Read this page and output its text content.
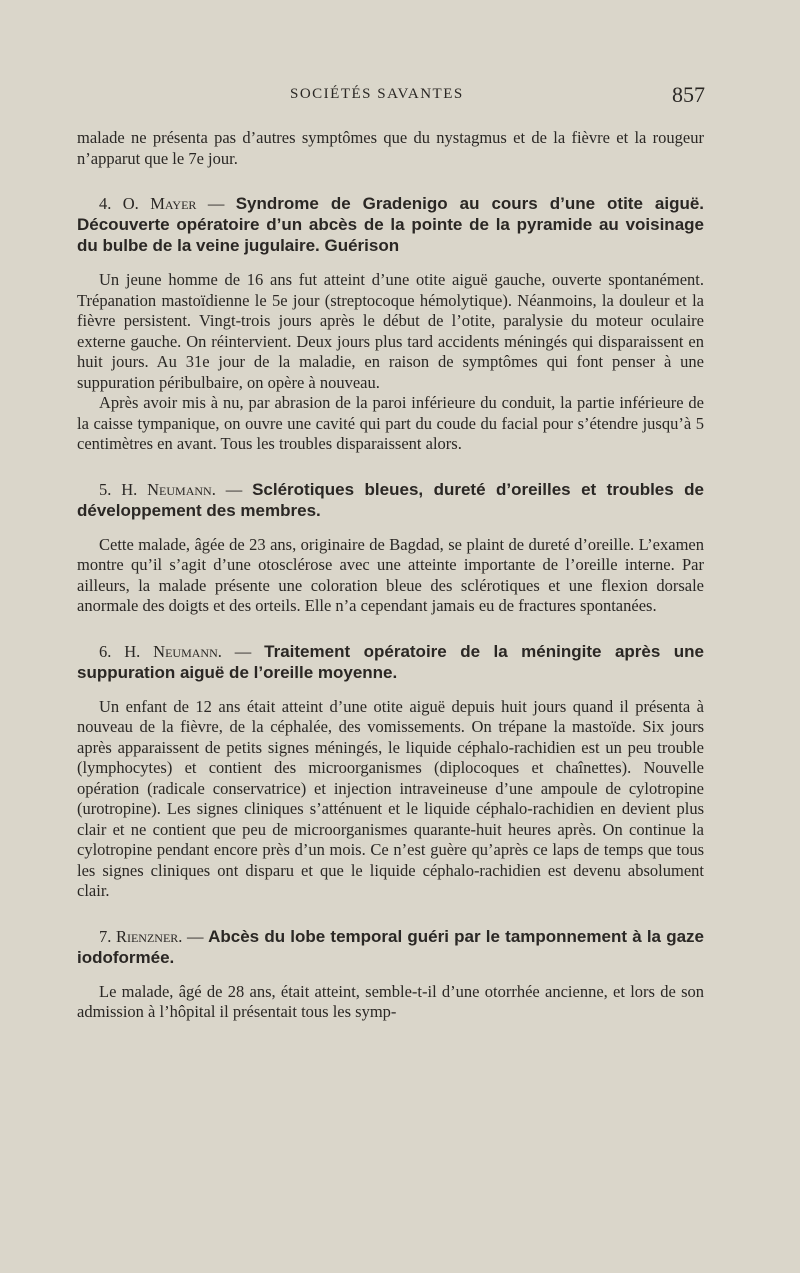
SOCIÉTÉS SAVANTES	857

malade ne présenta pas d’autres symptômes que du nystagmus et de la fièvre et la rougeur n’apparut que le 7e jour.

4. O. Mayer — Syndrome de Gradenigo au cours d’une otite aiguë. Découverte opératoire d’un abcès de la pointe de la pyramide au voisinage du bulbe de la veine jugulaire. Guérison

Un jeune homme de 16 ans fut atteint d’une otite aiguë gauche, ouverte spontanément. Trépanation mastoïdienne le 5e jour (streptocoque hémolytique). Néanmoins, la douleur et la fièvre persistent. Vingt-trois jours après le début de l’otite, paralysie du moteur oculaire externe gauche. On réintervient. Deux jours plus tard accidents méningés qui disparaissent en huit jours. Au 31e jour de la maladie, en raison de symptômes qui font penser à une suppuration péribulbaire, on opère à nouveau.

Après avoir mis à nu, par abrasion de la paroi inférieure du conduit, la partie inférieure de la caisse tympanique, on ouvre une cavité qui part du coude du facial pour s’étendre jusqu’à 5 centimètres en avant. Tous les troubles disparaissent alors.

5. H. Neumann. — Sclérotiques bleues, dureté d’oreilles et troubles de développement des membres.

Cette malade, âgée de 23 ans, originaire de Bagdad, se plaint de dureté d’oreille. L’examen montre qu’il s’agit d’une otosclérose avec une atteinte importante de l’oreille interne. Par ailleurs, la malade présente une coloration bleue des sclérotiques et une flexion dorsale anormale des doigts et des orteils. Elle n’a cependant jamais eu de fractures spontanées.

6. H. Neumann. — Traitement opératoire de la méningite après une suppuration aiguë de l’oreille moyenne.

Un enfant de 12 ans était atteint d’une otite aiguë depuis huit jours quand il présenta à nouveau de la fièvre, de la céphalée, des vomissements. On trépane la mastoïde. Six jours après apparaissent de petits signes méningés, le liquide céphalo-rachidien est un peu trouble (lymphocytes) et contient des microorganismes (diplocoques et chaînettes). Nouvelle opération (radicale conservatrice) et injection intraveineuse d’une ampoule de cylotropine (urotropine). Les signes cliniques s’atténuent et le liquide céphalo-rachidien en devient plus clair et ne contient que peu de microorganismes quarante-huit heures après. On continue la cylotropine pendant encore près d’un mois. Ce n’est guère qu’après ce laps de temps que tous les signes cliniques ont disparu et que le liquide céphalo-rachidien est devenu absolument clair.

7. Rienzner. — Abcès du lobe temporal guéri par le tamponnement à la gaze iodoformée.

Le malade, âgé de 28 ans, était atteint, semble-t-il d’une otorrhée ancienne, et lors de son admission à l’hôpital il présentait tous les symp-
